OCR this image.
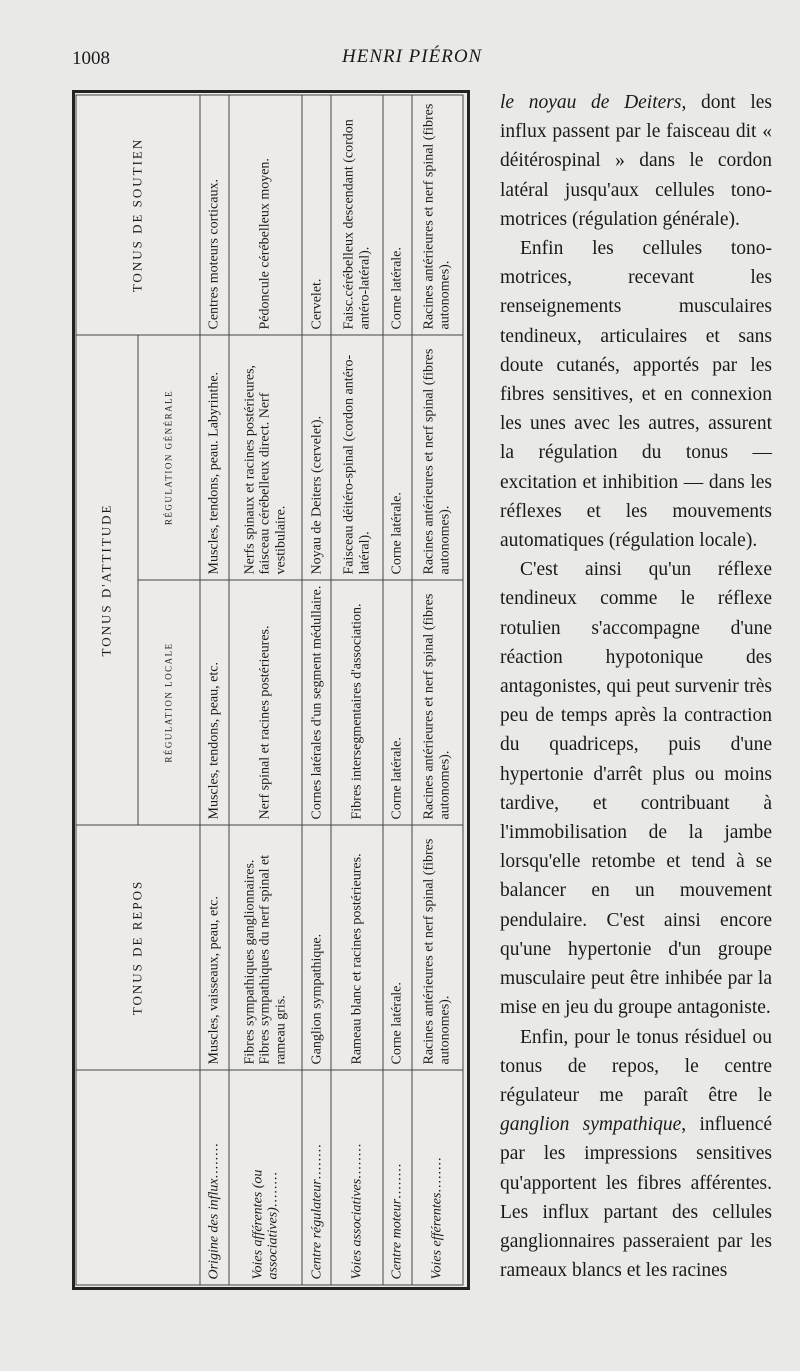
1008	HENRI PIÉRON
	TONUS DE REPOS	TONUS D'ATTITUDE		TONUS DE SOUTIEN
		RÉGULATION LOCALE	RÉGULATION GÉNÉRALE	
Origine des influx........	Muscles, vaisseaux, peau, etc.	Muscles, tendons, peau, etc.	Muscles, tendons, peau. Labyrinthe.	Centres moteurs corticaux.
Voies afférentes (ou associatives)........	Fibres sympathiques ganglionnaires. Fibres sympathiques du nerf spinal et rameau gris.	Nerf spinal et racines postérieures.	Nerfs spinaux et racines postérieures, faisceau cérébelleux direct. Nerf vestibulaire.	Pédoncule cérébelleux moyen.
Centre régulateur........	Ganglion sympathique.	Cornes latérales d'un segment médullaire.	Noyau de Deiters (cervelet).	Cervelet.
Voies associatives........	Rameau blanc et racines postérieures.	Fibres intersegmentaires d'association.	Faisceau déitéro-spinal (cordon antéro-latéral).	Faisc.cérébelleux descendant (cordon antéro-latéral).
Centre moteur........	Corne latérale.	Corne latérale.	Corne latérale.	Corne latérale.
Voies efférentes........	Racines antérieures et nerf spinal (fibres autonomes).	Racines antérieures et nerf spinal (fibres autonomes).	Racines antérieures et nerf spinal (fibres autonomes).	Racines antérieures et nerf spinal (fibres autonomes).

le noyau de Deiters, dont les influx passent par le faisceau dit « déitérospinal » dans le cordon latéral jusqu'aux cellules tono-motrices (régulation générale).

Enfin les cellules tono-motrices, recevant les renseignements musculaires tendineux, articulaires et sans doute cutanés, apportés par les fibres sensitives, et en connexion les unes avec les autres, assurent la régulation du tonus — excitation et inhibition — dans les réflexes et les mouvements automatiques (régulation locale).

C'est ainsi qu'un réflexe tendineux comme le réflexe rotulien s'accompagne d'une réaction hypotonique des antagonistes, qui peut survenir très peu de temps après la contraction du quadriceps, puis d'une hypertonie d'arrêt plus ou moins tardive, et contribuant à l'immobilisation de la jambe lorsqu'elle retombe et tend à se balancer en un mouvement pendulaire. C'est ainsi encore qu'une hypertonie d'un groupe musculaire peut être inhibée par la mise en jeu du groupe antagoniste.

Enfin, pour le tonus résiduel ou tonus de repos, le centre régulateur me paraît être le ganglion sympathique, influencé par les impressions sensitives qu'apportent les fibres afférentes. Les influx partant des cellules ganglionnaires passeraient par les rameaux blancs et les racines
